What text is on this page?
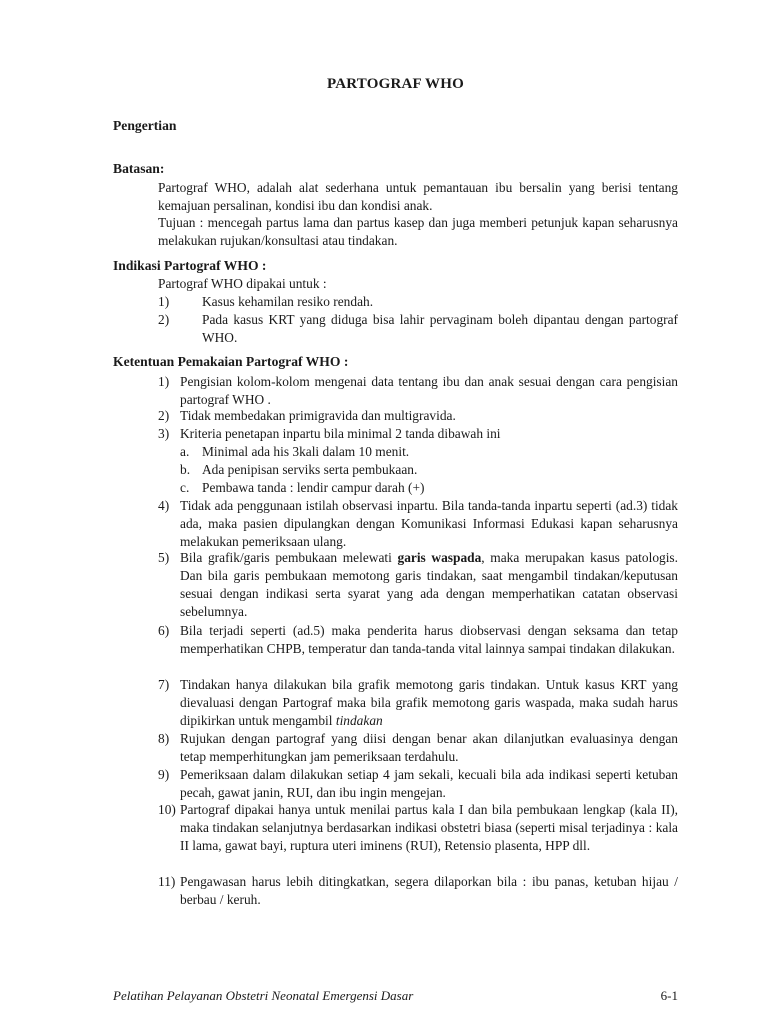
PARTOGRAF WHO
Pengertian
Batasan:
Partograf WHO, adalah alat sederhana untuk pemantauan ibu bersalin yang berisi tentang kemajuan persalinan, kondisi ibu dan kondisi anak.
Tujuan : mencegah partus lama dan partus kasep dan juga memberi petunjuk kapan seharusnya melakukan rujukan/konsultasi atau tindakan.
Indikasi Partograf WHO :
Partograf WHO dipakai untuk :
1) Kasus kehamilan resiko rendah.
2) Pada kasus KRT yang diduga bisa lahir pervaginam boleh dipantau dengan partograf WHO.
Ketentuan Pemakaian Partograf WHO :
1) Pengisian kolom-kolom mengenai data tentang ibu dan anak sesuai dengan cara pengisian partograf WHO .
2) Tidak membedakan primigravida dan multigravida.
3) Kriteria penetapan inpartu bila minimal 2 tanda dibawah ini
a. Minimal ada his 3kali dalam 10 menit.
b. Ada penipisan serviks serta pembukaan.
c. Pembawa tanda : lendir campur darah (+)
4) Tidak ada penggunaan istilah observasi inpartu. Bila tanda-tanda inpartu seperti (ad.3) tidak ada, maka pasien dipulangkan dengan Komunikasi Informasi Edukasi kapan seharusnya melakukan pemeriksaan ulang.
5) Bila grafik/garis pembukaan melewati garis waspada, maka merupakan kasus patologis. Dan bila garis pembukaan memotong garis tindakan, saat mengambil tindakan/keputusan sesuai dengan indikasi serta syarat yang ada dengan memperhatikan catatan observasi sebelumnya.
6) Bila terjadi seperti (ad.5) maka penderita harus diobservasi dengan seksama dan tetap memperhatikan CHPB, temperatur dan tanda-tanda vital lainnya sampai tindakan dilakukan.
7) Tindakan hanya dilakukan bila grafik memotong garis tindakan. Untuk kasus KRT yang dievaluasi dengan Partograf maka bila grafik memotong garis waspada, maka sudah harus dipikirkan untuk mengambil tindakan
8) Rujukan dengan partograf yang diisi dengan benar akan dilanjutkan evaluasinya dengan tetap memperhitungkan jam pemeriksaan terdahulu.
9) Pemeriksaan dalam dilakukan setiap 4 jam sekali, kecuali bila ada indikasi seperti ketuban pecah, gawat janin, RUI, dan ibu ingin mengejan.
10) Partograf dipakai hanya untuk menilai partus kala I dan bila pembukaan lengkap (kala II), maka tindakan selanjutnya berdasarkan indikasi obstetri biasa (seperti misal terjadinya : kala II lama, gawat bayi, ruptura uteri iminens (RUI), Retensio plasenta, HPP dll.
11) Pengawasan harus lebih ditingkatkan, segera dilaporkan bila : ibu panas, ketuban hijau / berbau / keruh.
Pelatihan Pelayanan Obstetri Neonatal Emergensi Dasar	6-1
